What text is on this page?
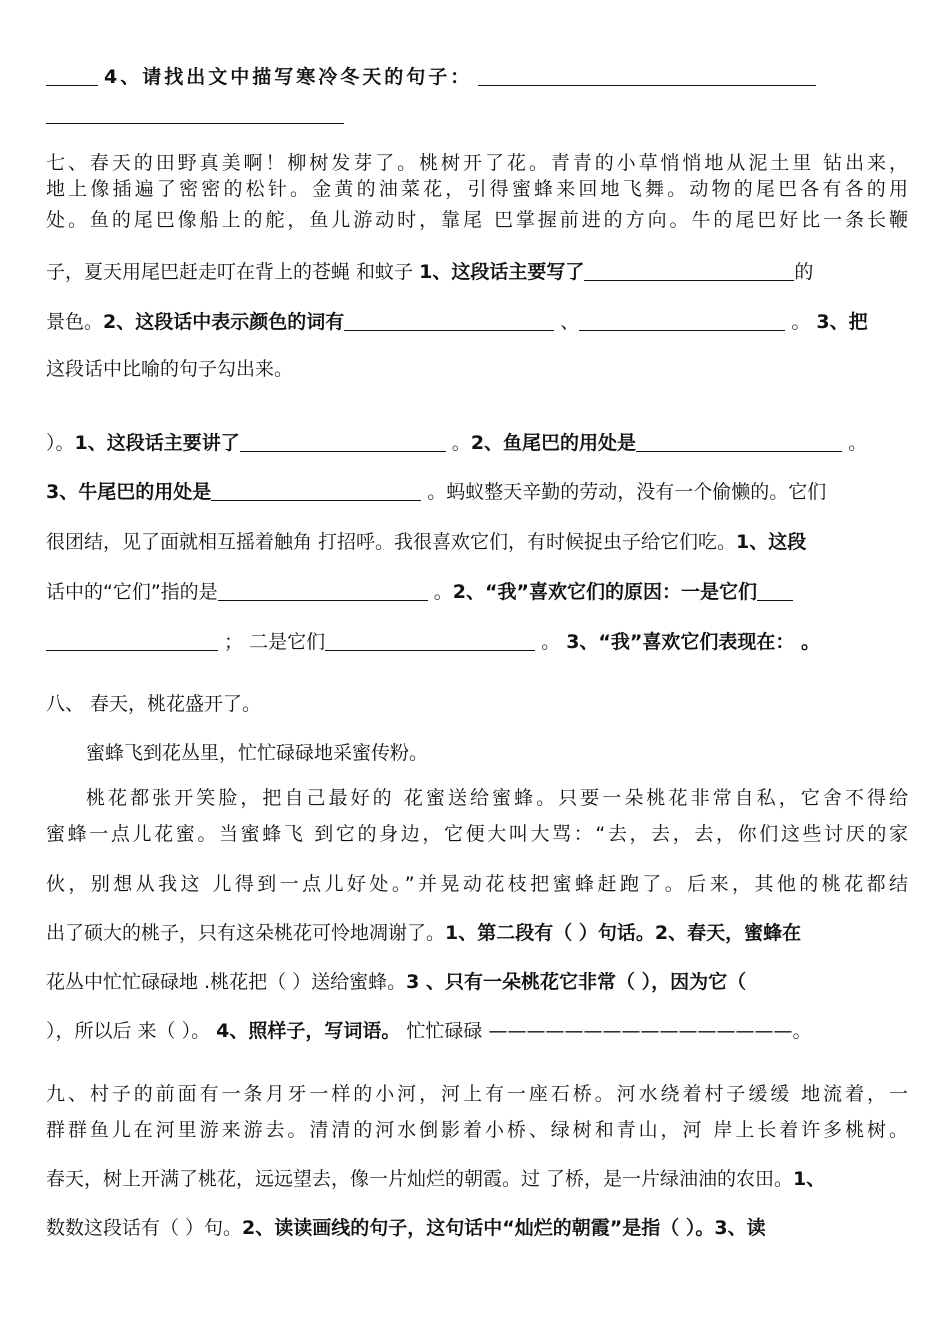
4、请找出文中描写寒冷冬天的句子：
七、春天的田野真美啊！柳树发芽了。桃树开了花。青青的小草悄悄地从泥土里 钻出来，
地上像插遍了密密的松针。金黄的油菜花，引得蜜蜂来回地飞舞。动物的尾巴各有各的用
处。鱼的尾巴像船上的舵，鱼儿游动时，靠尾 巴掌握前进的方向。牛的尾巴好比一条长鞭
子，夏天用尾巴赶走叮在背上的苍蝇 和蚊子 1、这段话主要写了	的
景色。2、这段话中表示颜色的词有	、	。 3、把
这段话中比喻的句子勾出来。
）。1、这段话主要讲了	。2、鱼尾巴的用处是	。
3、牛尾巴的用处是	。蚂蚁整天辛勤的劳动，没有一个偷懒的。它们
很团结，见了面就相互摇着触角 打招呼。我很喜欢它们，有时候捉虫子给它们吃。1、这段
话中的“它们”指的是	。2、“我”喜欢它们的原因：一是它们
； 二是它们	。 3、“我”喜欢它们表现在： 。
八、 春天，桃花盛开了。
蜜蜂飞到花丛里，忙忙碌碌地采蜜传粉。
桃花都张开笑脸，把自己最好的 花蜜送给蜜蜂。只要一朵桃花非常自私，它舍不得给
蜜蜂一点儿花蜜。当蜜蜂飞 到它的身边，它便大叫大骂：“去，去，去，你们这些讨厌的家
伙，别想从我这 儿得到一点儿好处。”并晃动花枝把蜜蜂赶跑了。后来，其他的桃花都结
出了硕大的桃子，只有这朵桃花可怜地凋谢了。1、第二段有（ ）句话。2、春天，蜜蜂在
花丛中忙忙碌碌地 .桃花把（ ）送给蜜蜂。3 、只有一朵桃花它非常（ ），因为它（
），所以后 来（ ）。 4、照样子，写词语。 忙忙碌碌 ————————————————。
九、村子的前面有一条月牙一样的小河，河上有一座石桥。河水绕着村子缓缓 地流着，一
群群鱼儿在河里游来游去。清清的河水倒影着小桥、绿树和青山，河 岸上长着许多桃树。
春天，树上开满了桃花，远远望去，像一片灿烂的朝霞。过 了桥，是一片绿油油的农田。1、
数数这段话有（ ）句。2、读读画线的句子，这句话中“灿烂的朝霞”是指（ ）。3、读
